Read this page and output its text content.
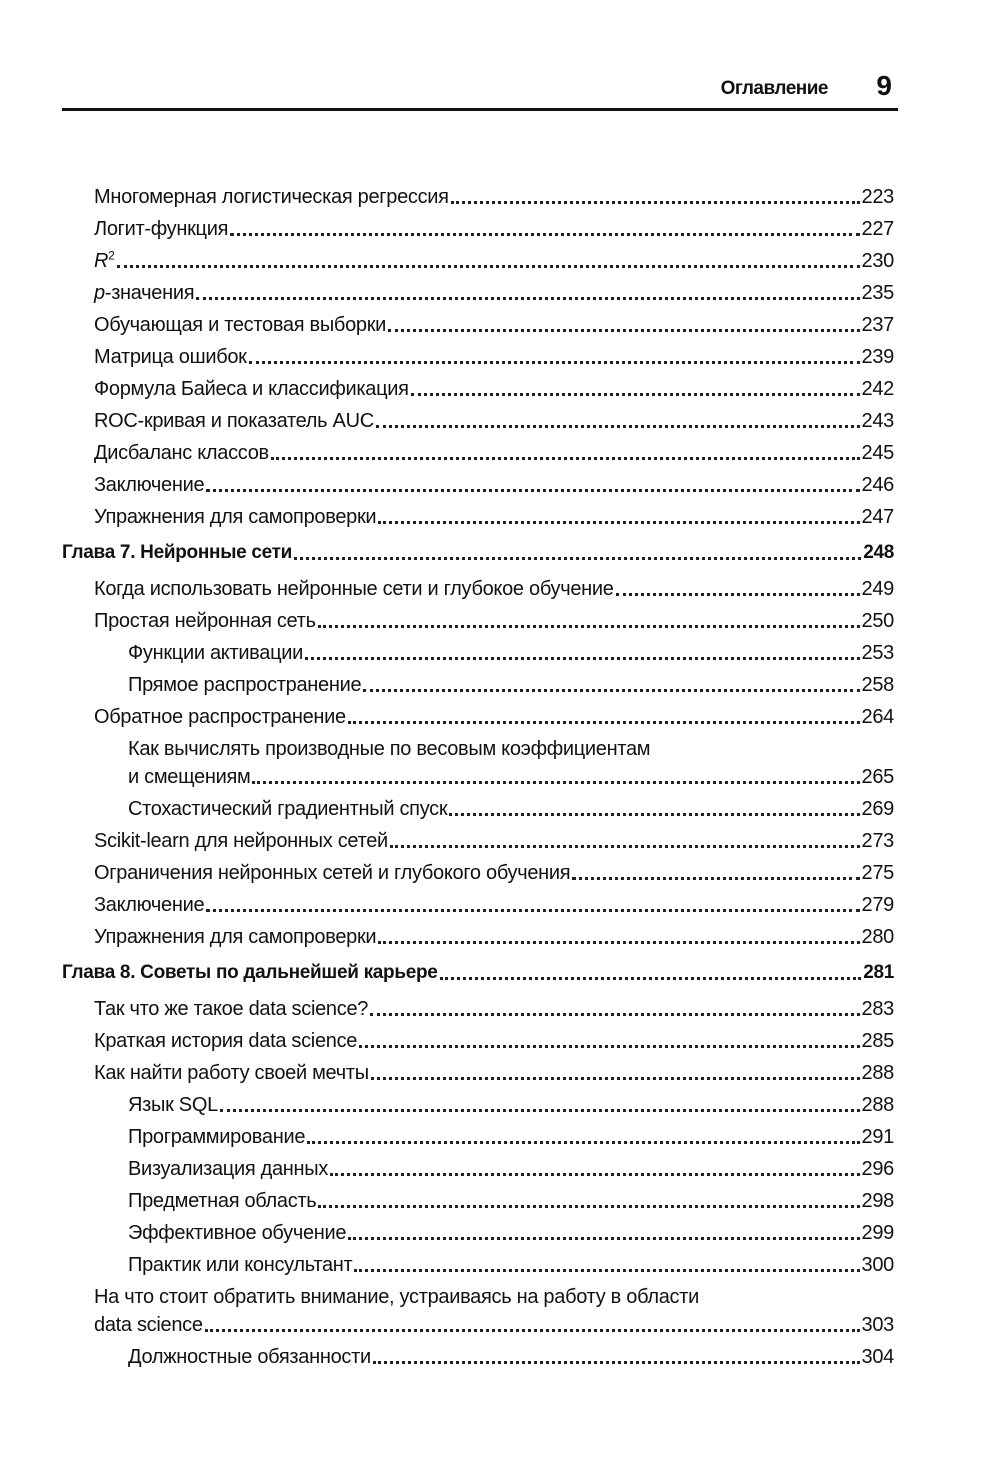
Оглавление 9
Многомерная логистическая регрессия	223
Логит-функция	227
$R^2$	230
p-значения	235
Обучающая и тестовая выборки	237
Матрица ошибок	239
Формула Байеса и классификация	242
ROC-кривая и показатель AUC	243
Дисбаланс классов	245
Заключение	246
Упражнения для самопроверки	247
Глава 7. Нейронные сети	248
Когда использовать нейронные сети и глубокое обучение	249
Простая нейронная сеть	250
Функции активации	253
Прямое распространение	258
Обратное распространение	264
Как вычислять производные по весовым коэффициентам
и смещениям	265
Стохастический градиентный спуск	269
Scikit-learn для нейронных сетей	273
Ограничения нейронных сетей и глубокого обучения	275
Заключение	279
Упражнения для самопроверки	280
Глава 8. Советы по дальнейшей карьере	281
Так что же такое data science?	283
Краткая история data science	285
Как найти работу своей мечты	288
Язык SQL	288
Программирование	291
Визуализация данных	296
Предметная область	298
Эффективное обучение	299
Практик или консультант	300
На что стоит обратить внимание, устраиваясь на работу в области
data science	303
Должностные обязанности	304
